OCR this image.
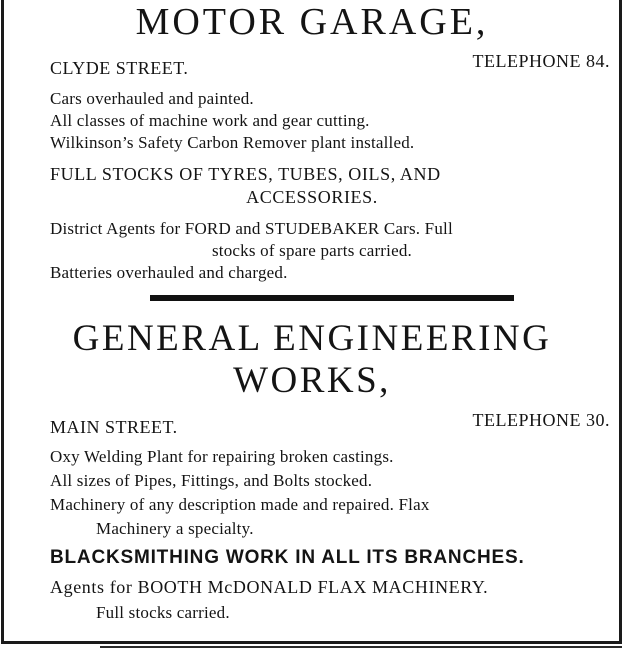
MOTOR GARAGE,

CLYDE STREET.	TELEPHONE 84.

Cars overhauled and painted.

All classes of machine work and gear cutting.

Wilkinson’s Safety Carbon Remover plant installed.

FULL STOCKS OF TYRES, TUBES, OILS, AND

ACCESSORIES.

District Agents for FORD and STUDEBAKER Cars. Full

stocks of spare parts carried.

Batteries overhauled and charged.

GENERAL ENGINEERING

WORKS,

MAIN STREET.	TELEPHONE 30.

Oxy Welding Plant for repairing broken castings.

All sizes of Pipes, Fittings, and Bolts stocked.

Machinery of any description made and repaired. Flax

Machinery a specialty.

BLACKSMITHING WORK IN ALL ITS BRANCHES.

Agents for BOOTH McDONALD FLAX MACHINERY.

Full stocks carried.
